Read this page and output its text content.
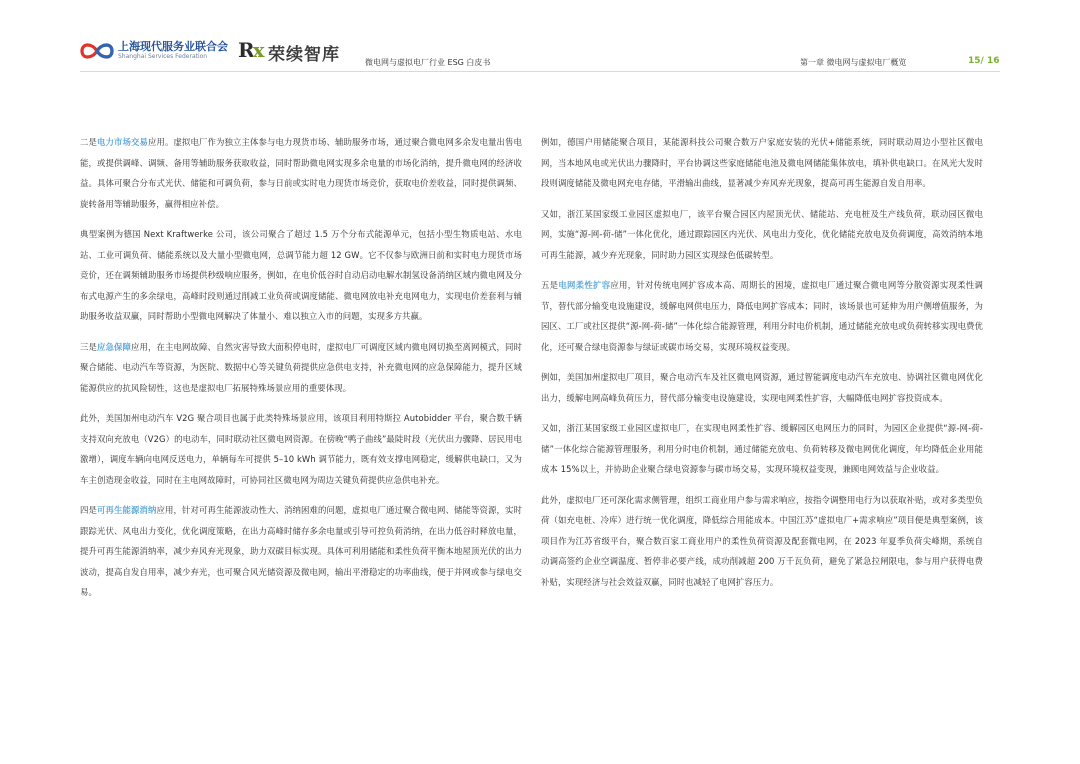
上海现代服务业联合会
Shanghai Services Federation Rx 荣续智库	微电网与虚拟电厂行业 ESG 白皮书	第一章 微电网与虚拟电厂概览	15/ 16

二是电力市场交易应用。虚拟电厂作为独立主体参与电力现货市场、辅助服务市场，通过聚合微电网多余发电量出售电能，或提供调峰、调频、备用等辅助服务获取收益，同时帮助微电网实现多余电量的市场化消纳，提升微电网的经济收益。具体可聚合分布式光伏、储能和可调负荷，参与日前或实时电力现货市场竞价，获取电价差收益，同时提供调频、旋转备用等辅助服务，赢得相应补偿。

典型案例为德国 Next Kraftwerke 公司，该公司聚合了超过 1.5 万个分布式能源单元，包括小型生物质电站、水电站、工业可调负荷、储能系统以及大量小型微电网，总调节能力超 12 GW。它不仅参与欧洲日前和实时电力现货市场竞价，还在调频辅助服务市场提供秒级响应服务，例如，在电价低谷时自动启动电解水制氢设备消纳区域内微电网及分布式电源产生的多余绿电，高峰时段则通过削减工业负荷或调度储能、微电网放电补充电网电力，实现电价差套利与辅助服务收益双赢，同时帮助小型微电网解决了体量小、难以独立入市的问题，实现多方共赢。

三是应急保障应用，在主电网故障、自然灾害导致大面积停电时，虚拟电厂可调度区域内微电网切换至离网模式，同时聚合储能、电动汽车等资源，为医院、数据中心等关键负荷提供应急供电支持，补充微电网的应急保障能力，提升区域能源供应的抗风险韧性，这也是虚拟电厂拓展特殊场景应用的重要体现。

此外，美国加州电动汽车 V2G 聚合项目也属于此类特殊场景应用，该项目利用特斯拉 Autobidder 平台，聚合数千辆支持双向充放电（V2G）的电动车，同时联动社区微电网资源。在傍晚“鸭子曲线”最陡时段（光伏出力骤降、居民用电激增），调度车辆向电网反送电力，单辆每车可提供 5–10 kWh 调节能力，既有效支撑电网稳定，缓解供电缺口，又为车主创造现金收益，同时在主电网故障时，可协同社区微电网为周边关键负荷提供应急供电补充。

四是可再生能源消纳应用，针对可再生能源波动性大、消纳困难的问题，虚拟电厂通过聚合微电网、储能等资源，实时跟踪光伏、风电出力变化，优化调度策略，在出力高峰时储存多余电量或引导可控负荷消纳，在出力低谷时释放电量，提升可再生能源消纳率，减少弃风弃光现象，助力双碳目标实现。具体可利用储能和柔性负荷平衡本地屋顶光伏的出力波动，提高自发自用率，减少弃光，也可聚合风光储资源及微电网，输出平滑稳定的功率曲线，便于并网或参与绿电交易。

例如，德国户用储能聚合项目，某能源科技公司聚合数万户家庭安装的光伏+储能系统，同时联动周边小型社区微电网，当本地风电或光伏出力骤降时，平台协调这些家庭储能电池及微电网储能集体放电，填补供电缺口。在风光大发时段则调度储能及微电网充电存储，平滑输出曲线，显著减少弃风弃光现象，提高可再生能源自发自用率。

又如，浙江某国家级工业园区虚拟电厂，该平台聚合园区内屋顶光伏、储能站、充电桩及生产线负荷，联动园区微电网，实施“源-网-荷-储”一体化优化，通过跟踪园区内光伏、风电出力变化，优化储能充放电及负荷调度，高效消纳本地可再生能源，减少弃光现象，同时助力园区实现绿色低碳转型。

五是电网柔性扩容应用，针对传统电网扩容成本高、周期长的困境，虚拟电厂通过聚合微电网等分散资源实现柔性调节，替代部分输变电设施建设，缓解电网供电压力，降低电网扩容成本；同时，该场景也可延伸为用户侧增值服务，为园区、工厂或社区提供“源-网-荷-储”一体化综合能源管理，利用分时电价机制，通过储能充放电或负荷转移实现电费优化，还可聚合绿电资源参与绿证或碳市场交易，实现环境权益变现。

例如，美国加州虚拟电厂项目，聚合电动汽车及社区微电网资源，通过智能调度电动汽车充放电、协调社区微电网优化出力，缓解电网高峰负荷压力，替代部分输变电设施建设，实现电网柔性扩容，大幅降低电网扩容投资成本。

又如，浙江某国家级工业园区虚拟电厂，在实现电网柔性扩容、缓解园区电网压力的同时，为园区企业提供“源-网-荷-储”一体化综合能源管理服务，利用分时电价机制，通过储能充放电、负荷转移及微电网优化调度，年均降低企业用能成本 15%以上，并协助企业聚合绿电资源参与碳市场交易，实现环境权益变现，兼顾电网效益与企业收益。

此外，虚拟电厂还可深化需求侧管理，组织工商业用户参与需求响应，按指令调整用电行为以获取补贴，或对多类型负荷（如充电桩、冷库）进行统一优化调度，降低综合用能成本。中国江苏“虚拟电厂+需求响应”项目便是典型案例，该项目作为江苏省级平台，聚合数百家工商业用户的柔性负荷资源及配套微电网，在 2023 年夏季负荷尖峰期，系统自动调高签约企业空调温度、暂停非必要产线，成功削减超 200 万千瓦负荷，避免了紧急拉闸限电，参与用户获得电费补贴，实现经济与社会效益双赢，同时也减轻了电网扩容压力。
